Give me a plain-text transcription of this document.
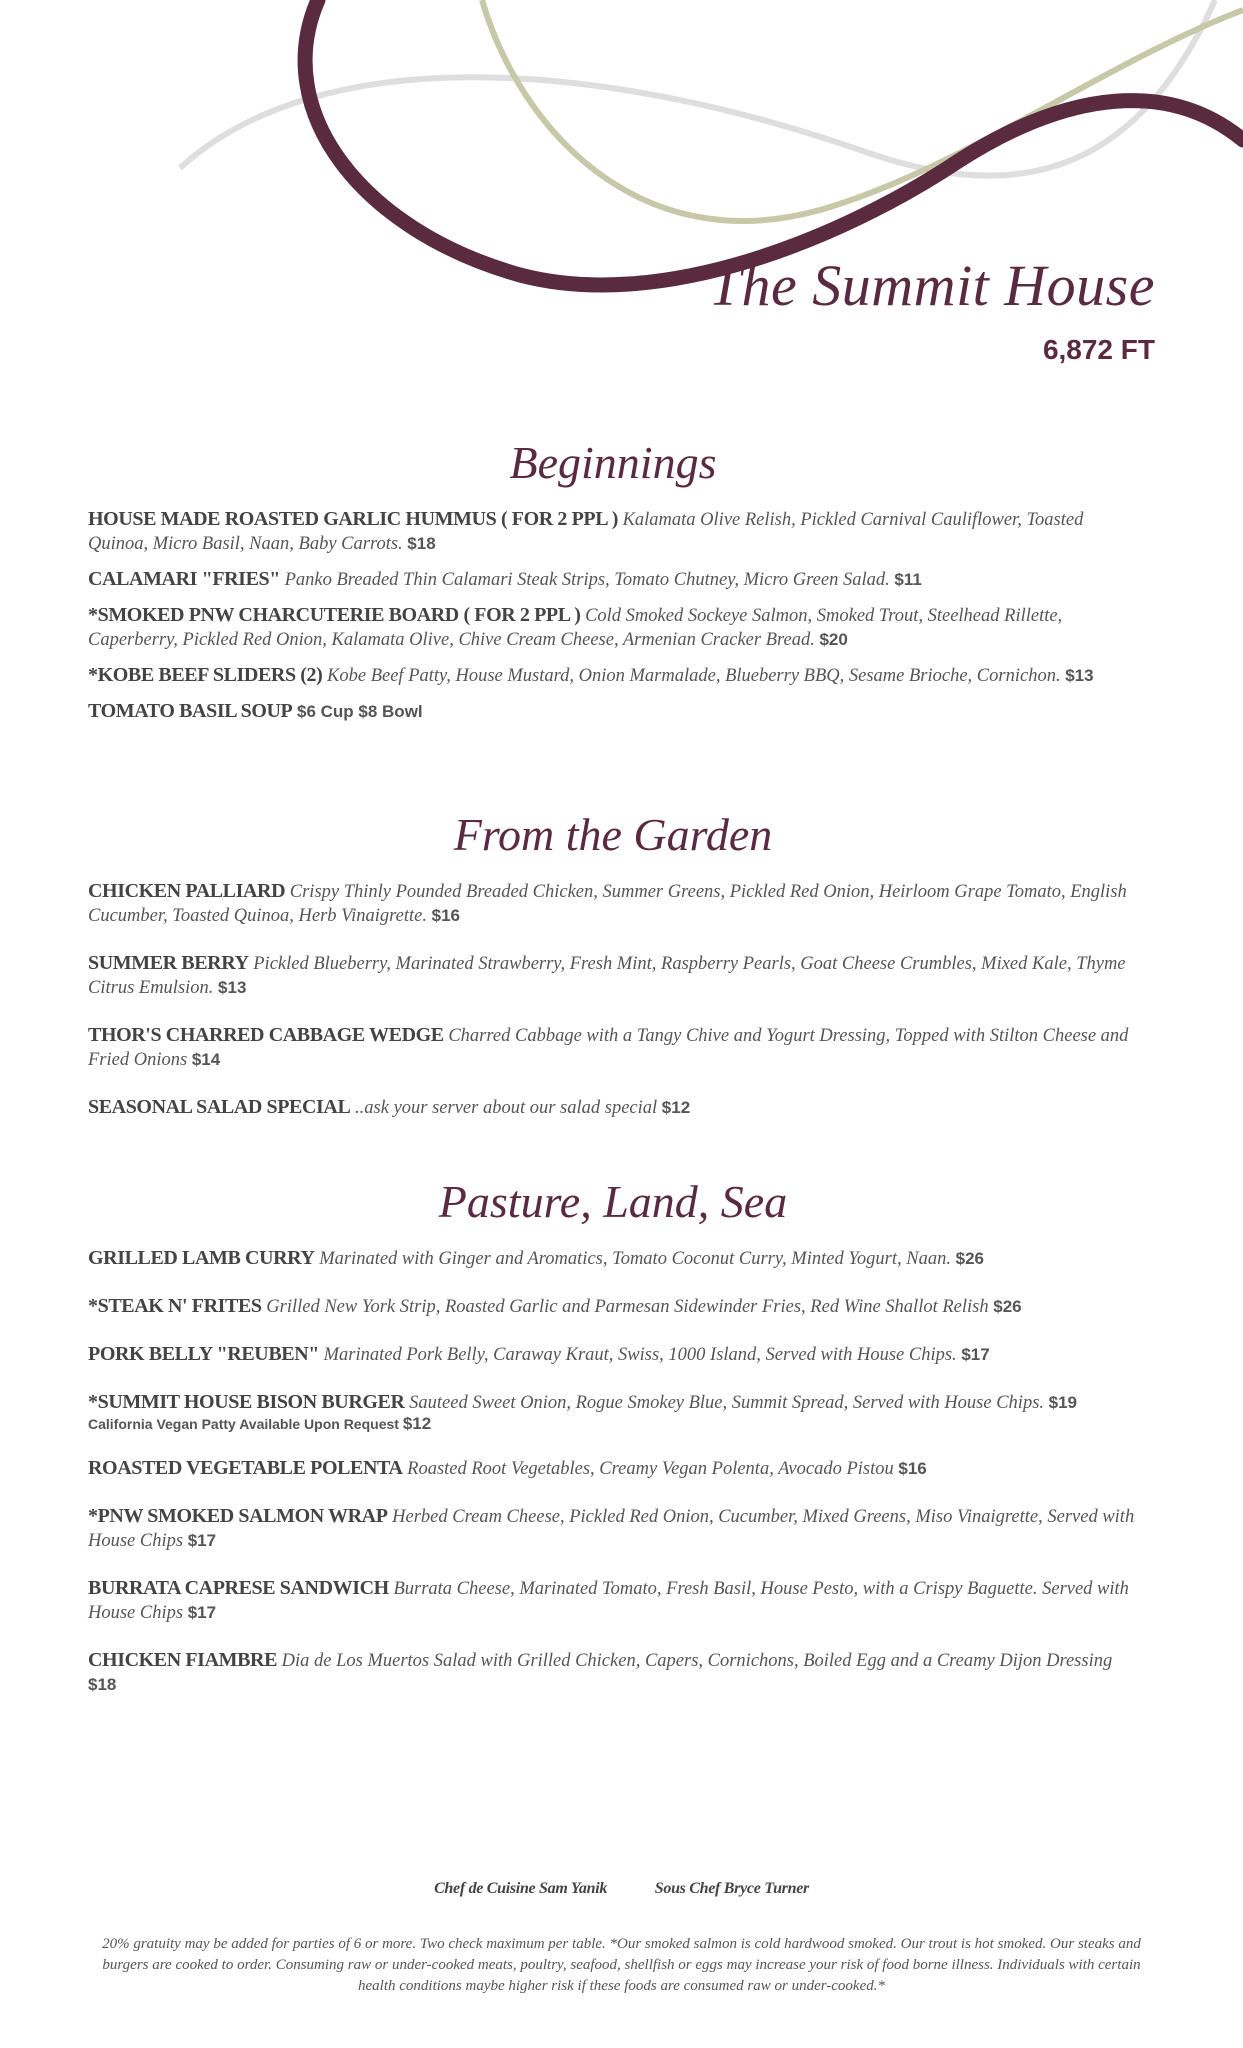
The Summit House
6,872 FT
Beginnings
HOUSE MADE ROASTED GARLIC HUMMUS ( FOR 2 PPL ) Kalamata Olive Relish, Pickled Carnival Cauliflower, Toasted Quinoa, Micro Basil, Naan, Baby Carrots. $18
CALAMARI "FRIES" Panko Breaded Thin Calamari Steak Strips, Tomato Chutney, Micro Green Salad. $11
*SMOKED PNW CHARCUTERIE BOARD ( FOR 2 PPL ) Cold Smoked Sockeye Salmon, Smoked Trout, Steelhead Rillette, Caperberry, Pickled Red Onion, Kalamata Olive, Chive Cream Cheese, Armenian Cracker Bread. $20
*KOBE BEEF SLIDERS (2) Kobe Beef Patty, House Mustard, Onion Marmalade, Blueberry BBQ, Sesame Brioche, Cornichon. $13
TOMATO BASIL SOUP $6 Cup $8 Bowl
From the Garden
CHICKEN PALLIARD Crispy Thinly Pounded Breaded Chicken, Summer Greens, Pickled Red Onion, Heirloom Grape Tomato, English Cucumber, Toasted Quinoa, Herb Vinaigrette. $16
SUMMER BERRY Pickled Blueberry, Marinated Strawberry, Fresh Mint, Raspberry Pearls, Goat Cheese Crumbles, Mixed Kale, Thyme Citrus Emulsion. $13
THOR'S CHARRED CABBAGE WEDGE Charred Cabbage with a Tangy Chive and Yogurt Dressing, Topped with Stilton Cheese and Fried Onions $14
SEASONAL SALAD SPECIAL ..ask your server about our salad special $12
Pasture, Land, Sea
GRILLED LAMB CURRY Marinated with Ginger and Aromatics, Tomato Coconut Curry, Minted Yogurt, Naan. $26
*STEAK N' FRITES Grilled New York Strip, Roasted Garlic and Parmesan Sidewinder Fries, Red Wine Shallot Relish $26
PORK BELLY "REUBEN" Marinated Pork Belly, Caraway Kraut, Swiss, 1000 Island, Served with House Chips. $17
*SUMMIT HOUSE BISON BURGER Sauteed Sweet Onion, Rogue Smokey Blue, Summit Spread, Served with House Chips. $19
California Vegan Patty Available Upon Request $12
ROASTED VEGETABLE POLENTA Roasted Root Vegetables, Creamy Vegan Polenta, Avocado Pistou $16
*PNW SMOKED SALMON WRAP Herbed Cream Cheese, Pickled Red Onion, Cucumber, Mixed Greens, Miso Vinaigrette, Served with House Chips $17
BURRATA CAPRESE SANDWICH Burrata Cheese, Marinated Tomato, Fresh Basil, House Pesto, with a Crispy Baguette. Served with House Chips $17
CHICKEN FIAMBRE Dia de Los Muertos Salad with Grilled Chicken, Capers, Cornichons, Boiled Egg and a Creamy Dijon Dressing $18
Chef de Cuisine Sam Yanik	Sous Chef Bryce Turner
20% gratuity may be added for parties of 6 or more. Two check maximum per table. *Our smoked salmon is cold hardwood smoked. Our trout is hot smoked. Our steaks and burgers are cooked to order. Consuming raw or under-cooked meats, poultry, seafood, shellfish or eggs may increase your risk of food borne illness. Individuals with certain health conditions maybe higher risk if these foods are consumed raw or under-cooked.*
